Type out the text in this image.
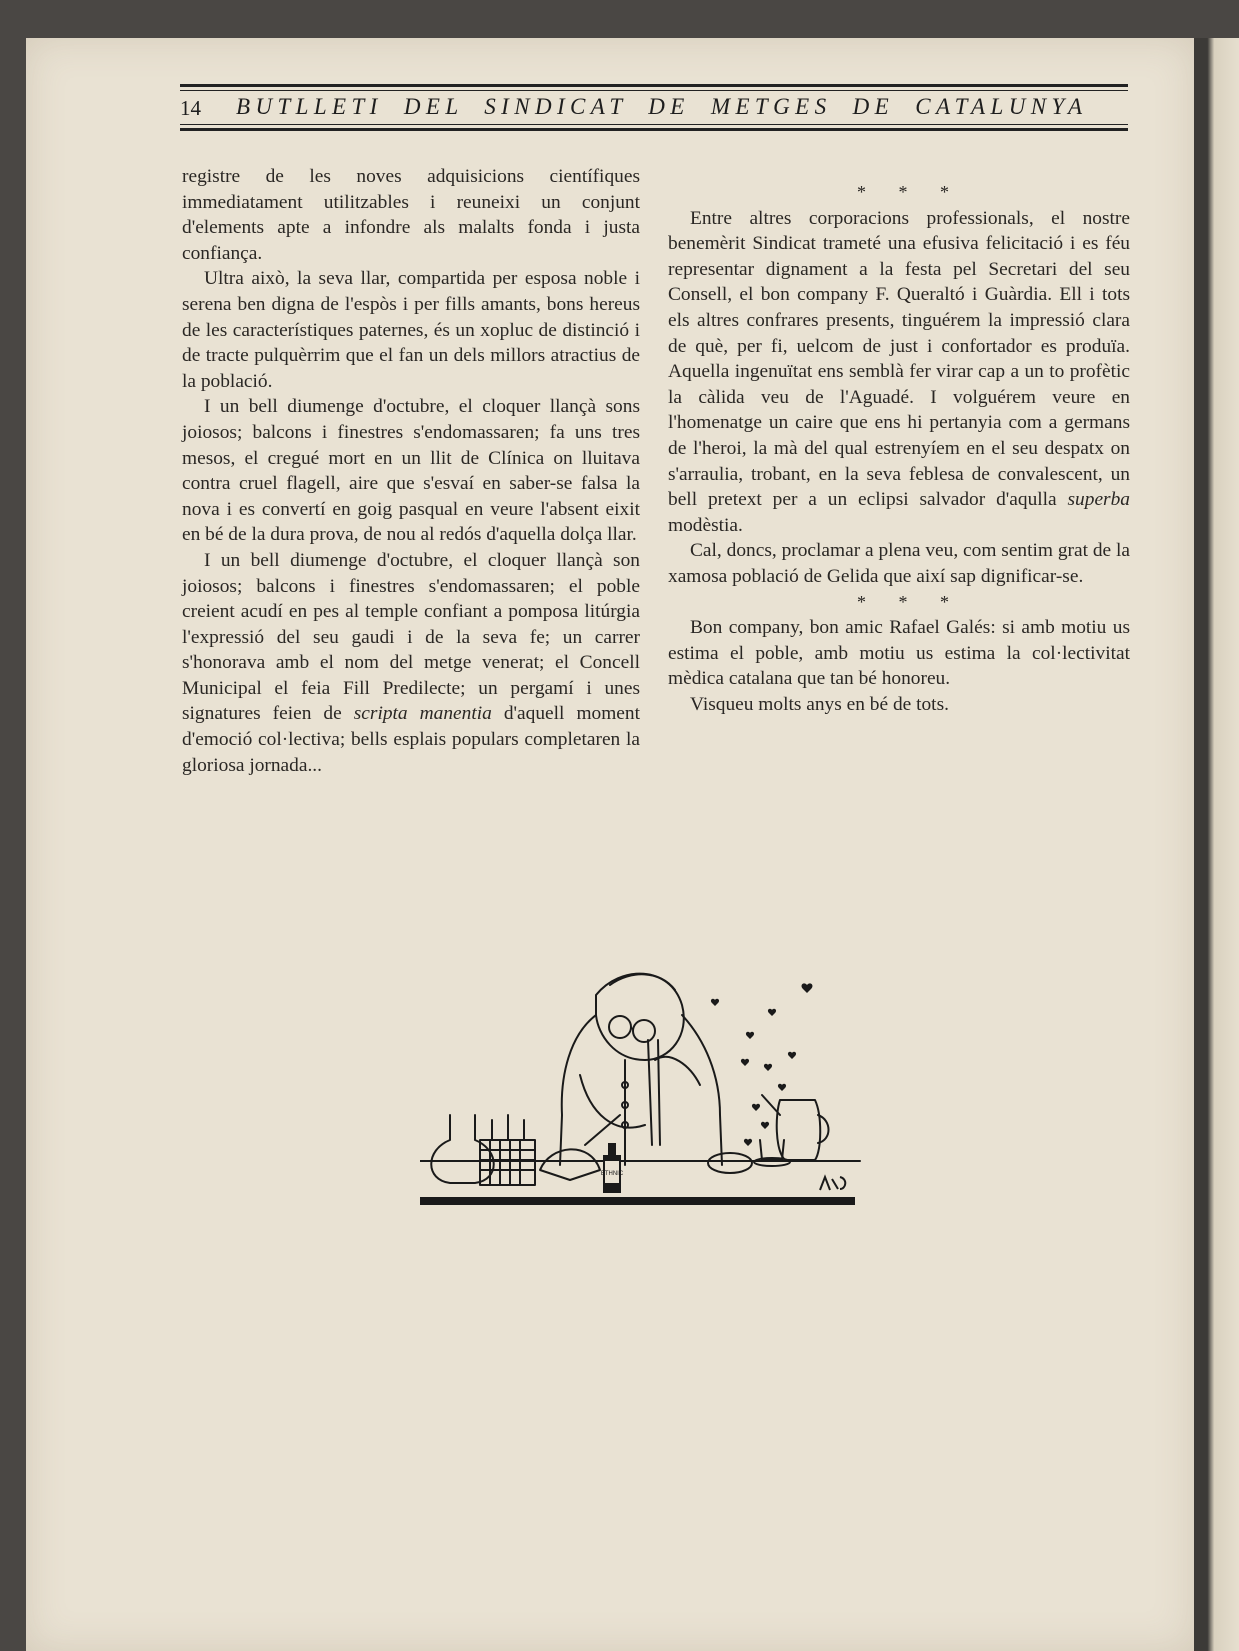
14 BUTLLETI DEL SINDICAT DE METGES DE CATALUNYA

registre de les noves adquisicions científiques immediatament utilitzables i reuneixi un conjunt d'elements apte a infondre als malalts fonda i justa confiança.

Ultra això, la seva llar, compartida per esposa noble i serena ben digna de l'espòs i per fills amants, bons hereus de les característiques paternes, és un xopluc de distinció i de tracte pulquèrrim que el fan un dels millors atractius de la població.

I un bell diumenge d'octubre, el cloquer llançà sons joiosos; balcons i finestres s'endomassaren; fa uns tres mesos, el cregué mort en un llit de Clínica on lluitava contra cruel flagell, aire que s'esvaí en saber-se falsa la nova i es convertí en goig pasqual en veure l'absent eixit en bé de la dura prova, de nou al redós d'aquella dolça llar.

I un bell diumenge d'octubre, el cloquer llançà son joiosos; balcons i finestres s'endomassaren; el poble creient acudí en pes al temple confiant a pomposa litúrgia l'expressió del seu gaudi i de la seva fe; un carrer s'honorava amb el nom del metge venerat; el Concell Municipal el feia Fill Predilecte; un pergamí i unes signatures feien de scripta manentia d'aquell moment d'emoció col·lectiva; bells esplais populars completaren la gloriosa jornada...

* * *

Entre altres corporacions professionals, el nostre benemèrit Sindicat trameté una efusiva felicitació i es féu representar dignament a la festa pel Secretari del seu Consell, el bon company F. Queraltó i Guàrdia. Ell i tots els altres confrares presents, tinguérem la impressió clara de què, per fi, uelcom de just i confortador es produïa. Aquella ingenuïtat ens semblà fer virar cap a un to profètic la càlida veu de l'Aguadé. I volguérem veure en l'homenatge un caire que ens hi pertanyia com a germans de l'heroi, la mà del qual estrenyíem en el seu despatx on s'arraulia, trobant, en la seva feblesa de convalescent, un bell pretext per a un eclipsi salvador d'aqulla superba modèstia.

Cal, doncs, proclamar a plena veu, com sentim grat de la xamosa població de Gelida que així sap dignificar-se.

* * *

Bon company, bon amic Rafael Galés: si amb motiu us estima el poble, amb motiu us estima la col·lectivitat mèdica catalana que tan bé honoreu.

Visqueu molts anys en bé de tots.

ETHNIC
